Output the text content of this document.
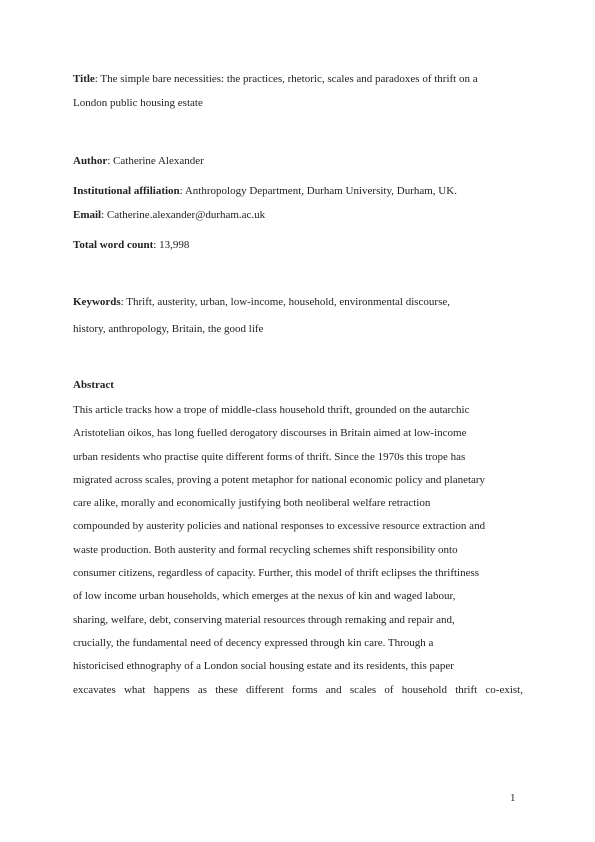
Title: The simple bare necessities: the practices, rhetoric, scales and paradoxes of thrift on a

London public housing estate

Author: Catherine Alexander

Institutional affiliation: Anthropology Department, Durham University, Durham, UK.

Email: Catherine.alexander@durham.ac.uk

Total word count: 13,998

Keywords: Thrift, austerity, urban, low-income, household, environmental discourse,

history, anthropology, Britain, the good life

Abstract

This article tracks how a trope of middle-class household thrift, grounded on the autarchic

Aristotelian oikos, has long fuelled derogatory discourses in Britain aimed at low-income

urban residents who practise quite different forms of thrift. Since the 1970s this trope has

migrated across scales, proving a potent metaphor for national economic policy and planetary

care alike, morally and economically justifying both neoliberal welfare retraction

compounded by austerity policies and national responses to excessive resource extraction and

waste production. Both austerity and formal recycling schemes shift responsibility onto

consumer citizens, regardless of capacity. Further, this model of thrift eclipses the thriftiness

of low income urban households, which emerges at the nexus of kin and waged labour,

sharing, welfare, debt, conserving material resources through remaking and repair and,

crucially, the fundamental need of decency expressed through kin care. Through a

historicised ethnography of a London social housing estate and its residents, this paper

excavates what happens as these different forms and scales of household thrift co-exist,

1
